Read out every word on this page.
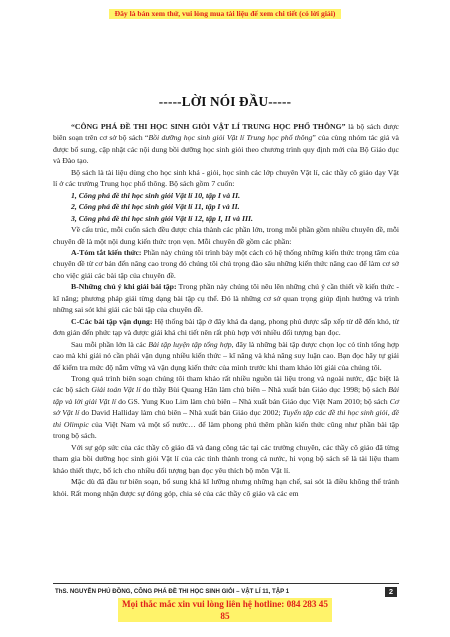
Đây là bản xem thử, vui lòng mua tài liệu để xem chi tiết (có lời giải)
-----LỜI NÓI ĐẦU-----

“CÔNG PHÁ ĐỀ THI HỌC SINH GIỎI VẬT LÍ TRUNG HỌC PHỔ THÔNG” là bộ sách được biên soạn trên cơ sở bộ sách “Bồi dưỡng học sinh giỏi Vật lí Trung học phổ thông” của cùng nhóm tác giả và được bổ sung, cập nhật các nội dung bồi dưỡng học sinh giỏi theo chương trình quy định mới của Bộ Giáo dục và Đào tạo.

Bộ sách là tài liệu dùng cho học sinh khá - giỏi, học sinh các lớp chuyên Vật lí, các thầy cô giáo dạy Vật lí ở các trường Trung học phổ thông. Bộ sách gồm 7 cuốn:

1, Công phá đề thi học sinh giỏi Vật lí 10, tập I và II.

2, Công phá đề thi học sinh giỏi Vật lí 11, tập I và II.

3, Công phá đề thi học sinh giỏi Vật lí 12, tập I, II và III.

Về cấu trúc, mỗi cuốn sách đều được chia thành các phần lớn, trong mỗi phần gồm nhiều chuyên đề, mỗi chuyên đề là một nội dung kiến thức trọn vẹn. Mỗi chuyên đề gồm các phần:

A-Tóm tắt kiến thức: Phần này chúng tôi trình bày một cách có hệ thống những kiến thức trọng tâm của chuyên đề từ cơ bản đến nâng cao trong đó chúng tôi chú trọng đào sâu những kiến thức nâng cao để làm cơ sở cho việc giải các bài tập của chuyên đề.

B-Những chú ý khi giải bài tập: Trong phần này chúng tôi nêu lên những chú ý cần thiết về kiến thức - kĩ năng; phương pháp giải từng dạng bài tập cụ thể. Đó là những cơ sở quan trọng giúp định hướng và trình những sai sót khi giải các bài tập của chuyên đề.

C-Các bài tập vận dụng: Hệ thống bài tập ở đây khá đa dạng, phong phú được sắp xếp từ dễ đến khó, từ đơn giản đến phức tạp và được giải khá chi tiết nên rất phù hợp với nhiều đối tượng bạn đọc.

Sau mỗi phần lớn là các Bài tập luyện tập tổng hợp, đây là những bài tập được chọn lọc có tính tổng hợp cao mà khi giải nó cần phải vận dụng nhiều kiến thức – kĩ năng và khả năng suy luận cao. Bạn đọc hãy tự giải để kiểm tra mức độ nắm vững và vận dụng kiến thức của mình trước khi tham khảo lời giải của chúng tôi.

Trong quá trình biên soạn chúng tôi tham khảo rất nhiều nguồn tài liệu trong và ngoài nước, đặc biệt là các bộ sách Giải toán Vật lí do thầy Bùi Quang Hân làm chủ biên – Nhà xuất bản Giáo dục 1998; bộ sách Bài tập và lời giải Vật lí do GS. Yung Kuo Lim làm chủ biên – Nhà xuất bản Giáo dục Việt Nam 2010; bộ sách Cơ sở Vật lí do David Halliday làm chủ biên – Nhà xuất bản Giáo dục 2002; Tuyển tập các đề thi học sinh giỏi, đề thi Olimpic của Việt Nam và một số nước… để làm phong phú thêm phần kiến thức cũng như phần bài tập trong bộ sách.

Với sự góp sức của các thầy cô giáo đã và đang công tác tại các trường chuyên, các thầy cô giáo đã từng tham gia bồi dưỡng học sinh giỏi Vật lí của các tỉnh thành trong cả nước, hi vọng bộ sách sẽ là tài liệu tham khảo thiết thực, bổ ích cho nhiều đối tượng bạn đọc yêu thích bộ môn Vật lí.

Mặc dù đã đầu tư biên soạn, bổ sung khá kĩ lưỡng nhưng những hạn chế, sai sót là điều không thể tránh khỏi. Rất mong nhận được sự đóng góp, chia sẻ của các thầy cô giáo và các em

ThS. NGUYỄN PHÚ ĐỒNG, CÔNG PHÁ ĐỀ THI HỌC SINH GIỎI – VẬT LÍ 11, TẬP 1	2
Mọi thắc mắc xin vui lòng liên hệ hotline: 084 283 45 85
